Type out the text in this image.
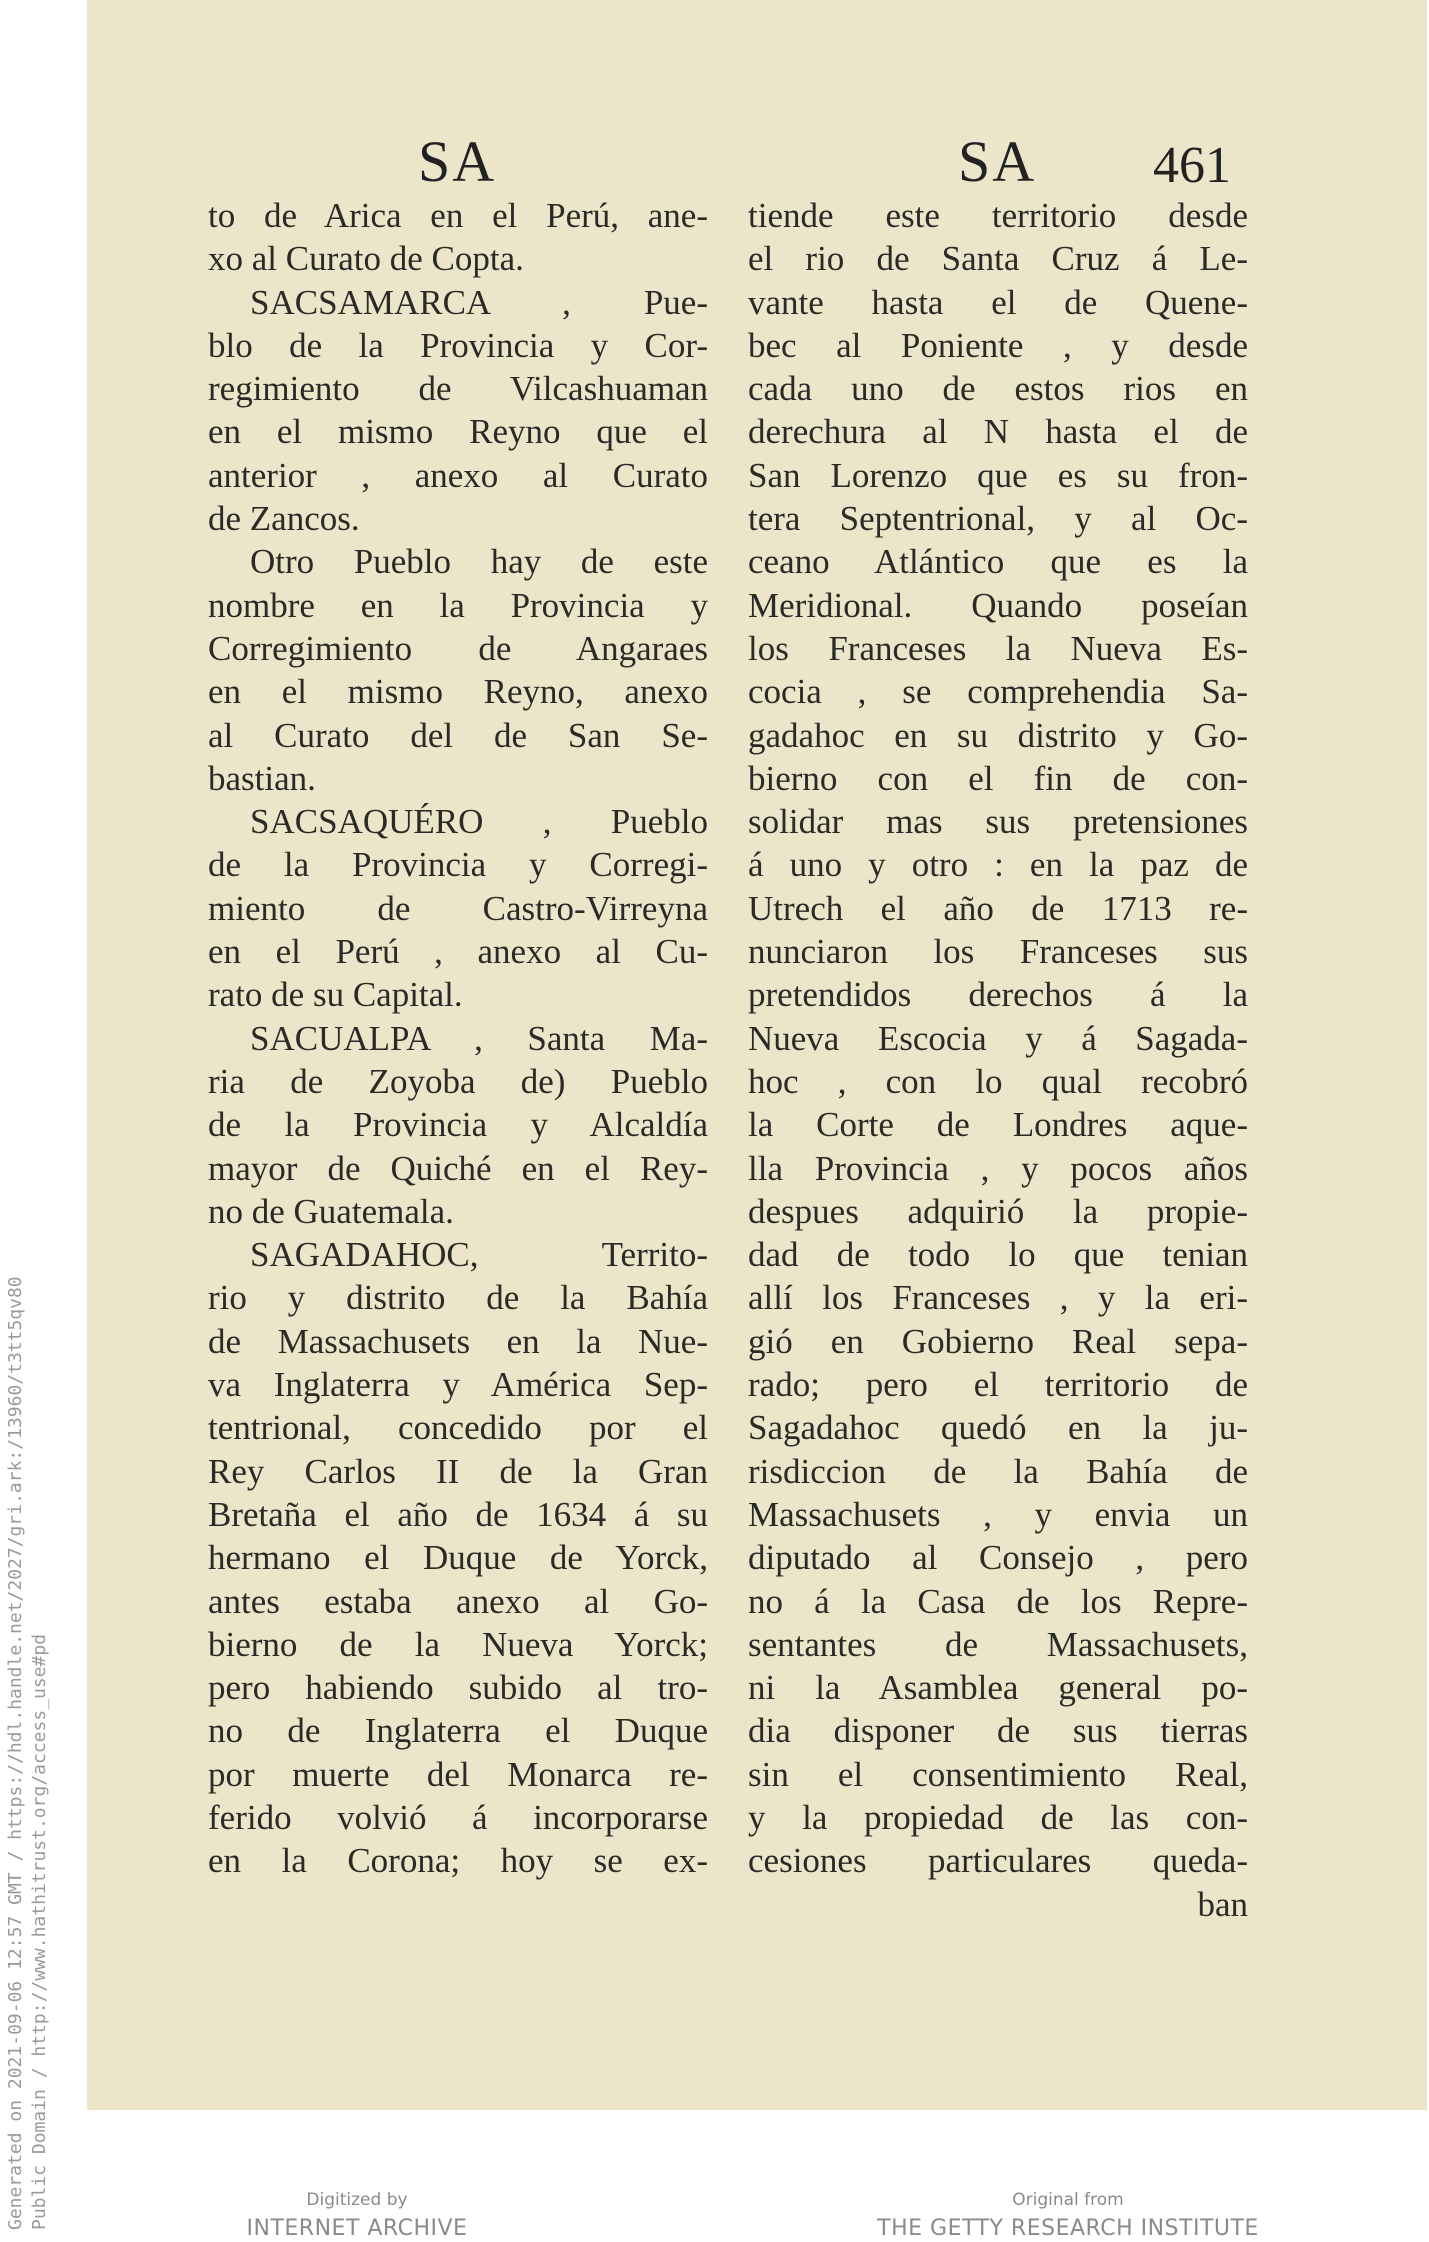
SA	SA 461
to de Arica en el Perú, ane-
xo al Curato de Copta.
SACSAMARCA , Pue-
blo de la Provincia y Cor-
regimiento de Vilcashuaman
en el mismo Reyno que el
anterior , anexo al Curato
de Zancos.
Otro Pueblo hay de este
nombre en la Provincia y
Corregimiento de Angaraes
en el mismo Reyno, anexo
al Curato del de San Se-
bastian.
SACSAQUÉRO , Pueblo
de la Provincia y Corregi-
miento de Castro-Virreyna
en el Perú , anexo al Cu-
rato de su Capital.
SACUALPA , Santa Ma-
ria de Zoyoba de) Pueblo
de la Provincia y Alcaldía
mayor de Quiché en el Rey-
no de Guatemala.
SAGADAHOC, Territo-
rio y distrito de la Bahía
de Massachusets en la Nue-
va Inglaterra y América Sep-
tentrional, concedido por el
Rey Carlos II de la Gran
Bretaña el año de 1634 á su
hermano el Duque de Yorck,
antes estaba anexo al Go-
bierno de la Nueva Yorck;
pero habiendo subido al tro-
no de Inglaterra el Duque
por muerte del Monarca re-
ferido volvió á incorporarse
en la Corona; hoy se ex-
tiende este territorio desde
el rio de Santa Cruz á Le-
vante hasta el de Quene-
bec al Poniente , y desde
cada uno de estos rios en
derechura al N hasta el de
San Lorenzo que es su fron-
tera Septentrional, y al Oc-
ceano Atlántico que es la
Meridional. Quando poseían
los Franceses la Nueva Es-
cocia , se comprehendia Sa-
gadahoc en su distrito y Go-
bierno con el fin de con-
solidar mas sus pretensiones
á uno y otro : en la paz de
Utrech el año de 1713 re-
nunciaron los Franceses sus
pretendidos derechos á la
Nueva Escocia y á Sagada-
hoc , con lo qual recobró
la Corte de Londres aque-
lla Provincia , y pocos años
despues adquirió la propie-
dad de todo lo que tenian
allí los Franceses , y la eri-
gió en Gobierno Real sepa-
rado; pero el territorio de
Sagadahoc quedó en la ju-
risdiccion de la Bahía de
Massachusets , y envia un
diputado al Consejo , pero
no á la Casa de los Repre-
sentantes de Massachusets,
ni la Asamblea general po-
dia disponer de sus tierras
sin el consentimiento Real,
y la propiedad de las con-
cesiones particulares queda-
ban
Generated on 2021-09-06 12:57 GMT / https://hdl.handle.net/2027/gri.ark:/13960/t3tt5qv80 Public Domain / http://www.hathitrust.org/access_use#pd	Digitized by
INTERNET ARCHIVE
Original from
THE GETTY RESEARCH INSTITUTE
